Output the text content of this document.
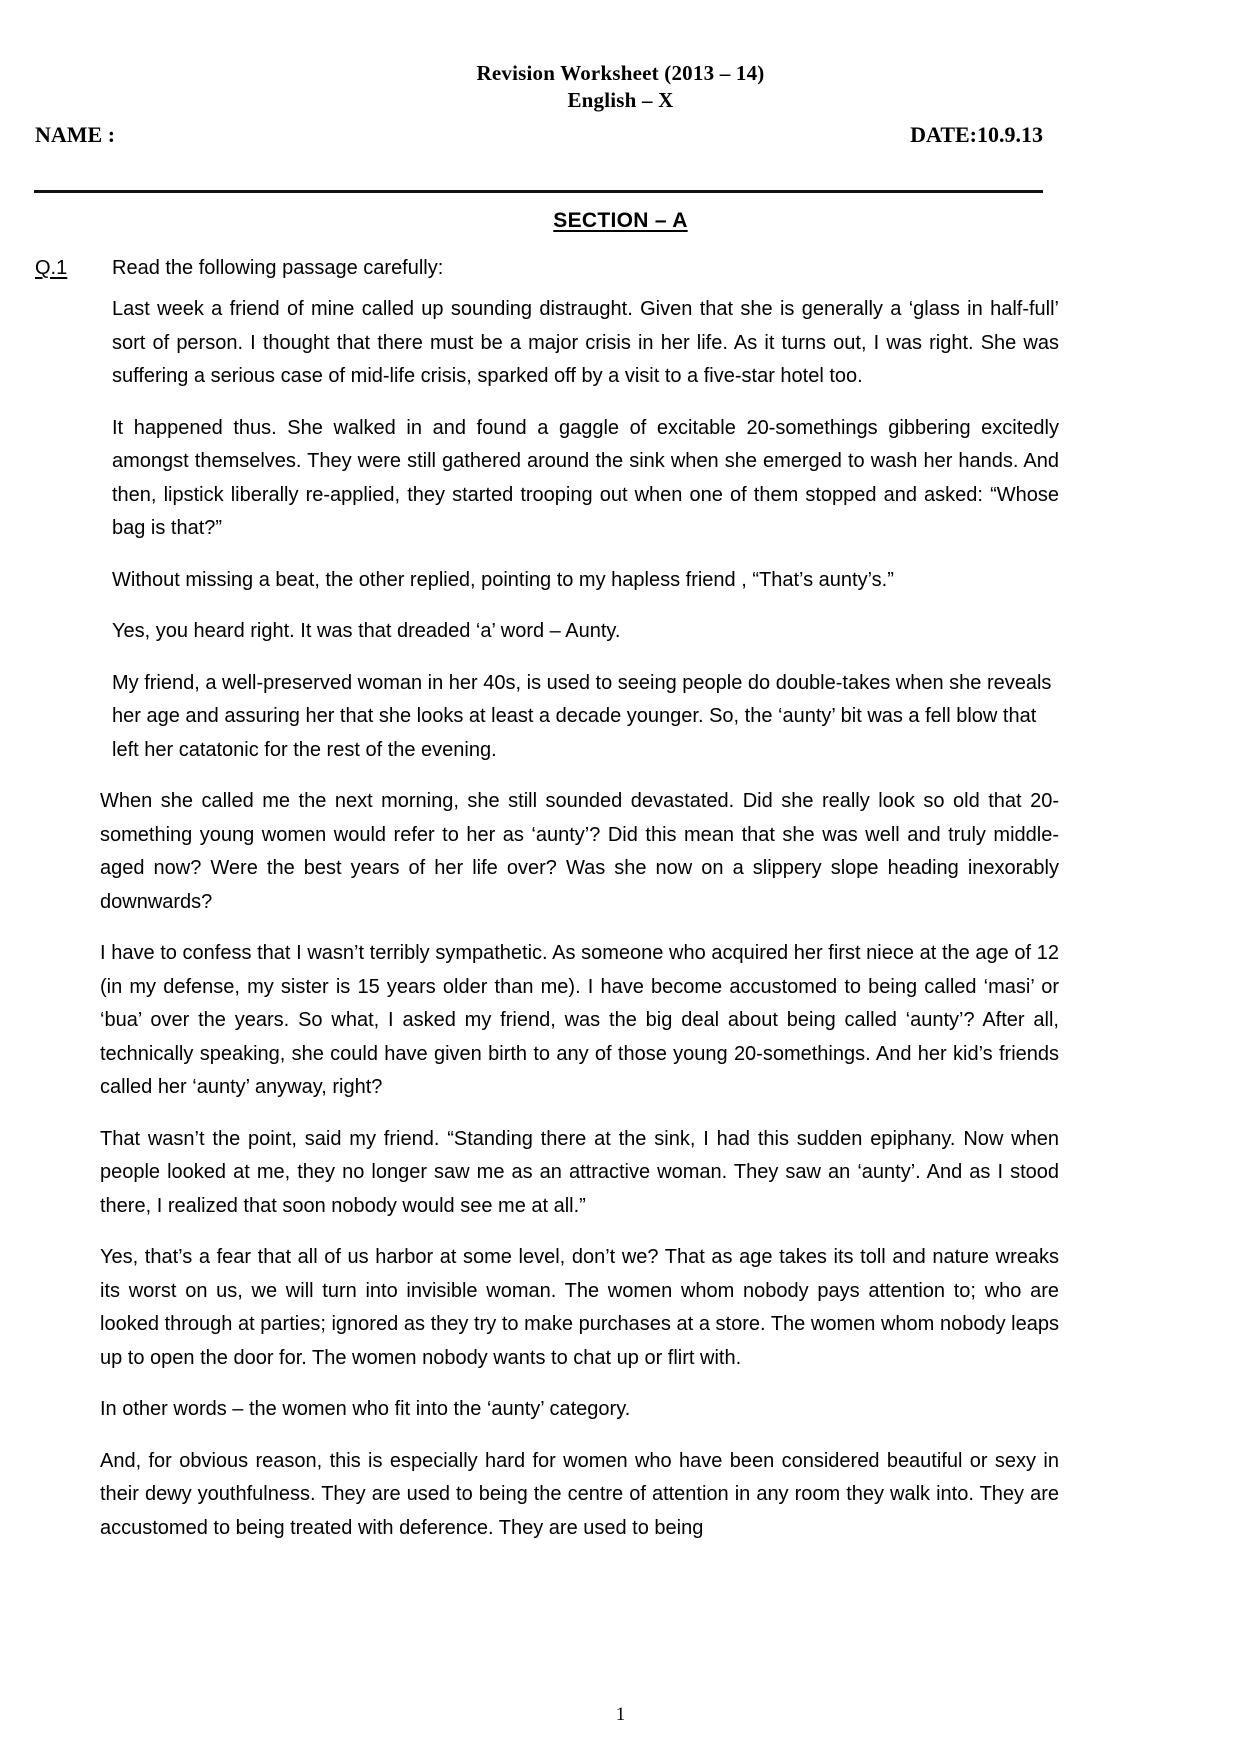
Revision Worksheet (2013 – 14)
English – X
NAME :	DATE:10.9.13
SECTION – A
Q.1 Read the following passage carefully:

Last week a friend of mine called up sounding distraught. Given that she is generally a ‘glass in half-full’ sort of person. I thought that there must be a major crisis in her life. As it turns out, I was right. She was suffering a serious case of mid-life crisis, sparked off by a visit to a five-star hotel too.

It happened thus. She walked in and found a gaggle of excitable 20-somethings gibbering excitedly amongst themselves. They were still gathered around the sink when she emerged to wash her hands. And then, lipstick liberally re-applied, they started trooping out when one of them stopped and asked: “Whose bag is that?”

Without missing a beat, the other replied, pointing to my hapless friend , “That’s aunty’s.”

Yes, you heard right. It was that dreaded ‘a’ word – Aunty.

My friend, a well-preserved woman in her 40s, is used to seeing people do double-takes when she reveals her age and assuring her that she looks at least a decade younger. So, the ‘aunty’ bit was a fell blow that left her catatonic for the rest of the evening.

When she called me the next morning, she still sounded devastated. Did she really look so old that 20-something young women would refer to her as ‘aunty’? Did this mean that she was well and truly middle-aged now? Were the best years of her life over? Was she now on a slippery slope heading inexorably downwards?

I have to confess that I wasn’t terribly sympathetic. As someone who acquired her first niece at the age of 12 (in my defense, my sister is 15 years older than me). I have become accustomed to being called ‘masi’ or ‘bua’ over the years. So what, I asked my friend, was the big deal about being called ‘aunty’? After all, technically speaking, she could have given birth to any of those young 20-somethings. And her kid’s friends called her ‘aunty’ anyway, right?

That wasn’t the point, said my friend. “Standing there at the sink, I had this sudden epiphany. Now when people looked at me, they no longer saw me as an attractive woman. They saw an ‘aunty’. And as I stood there, I realized that soon nobody would see me at all.”

Yes, that’s a fear that all of us harbor at some level, don’t we? That as age takes its toll and nature wreaks its worst on us, we will turn into invisible woman. The women whom nobody pays attention to; who are looked through at parties; ignored as they try to make purchases at a store. The women whom nobody leaps up to open the door for. The women nobody wants to chat up or flirt with.

In other words – the women who fit into the ‘aunty’ category.

And, for obvious reason, this is especially hard for women who have been considered beautiful or sexy in their dewy youthfulness. They are used to being the centre of attention in any room they walk into. They are accustomed to being treated with deference. They are used to being

1
